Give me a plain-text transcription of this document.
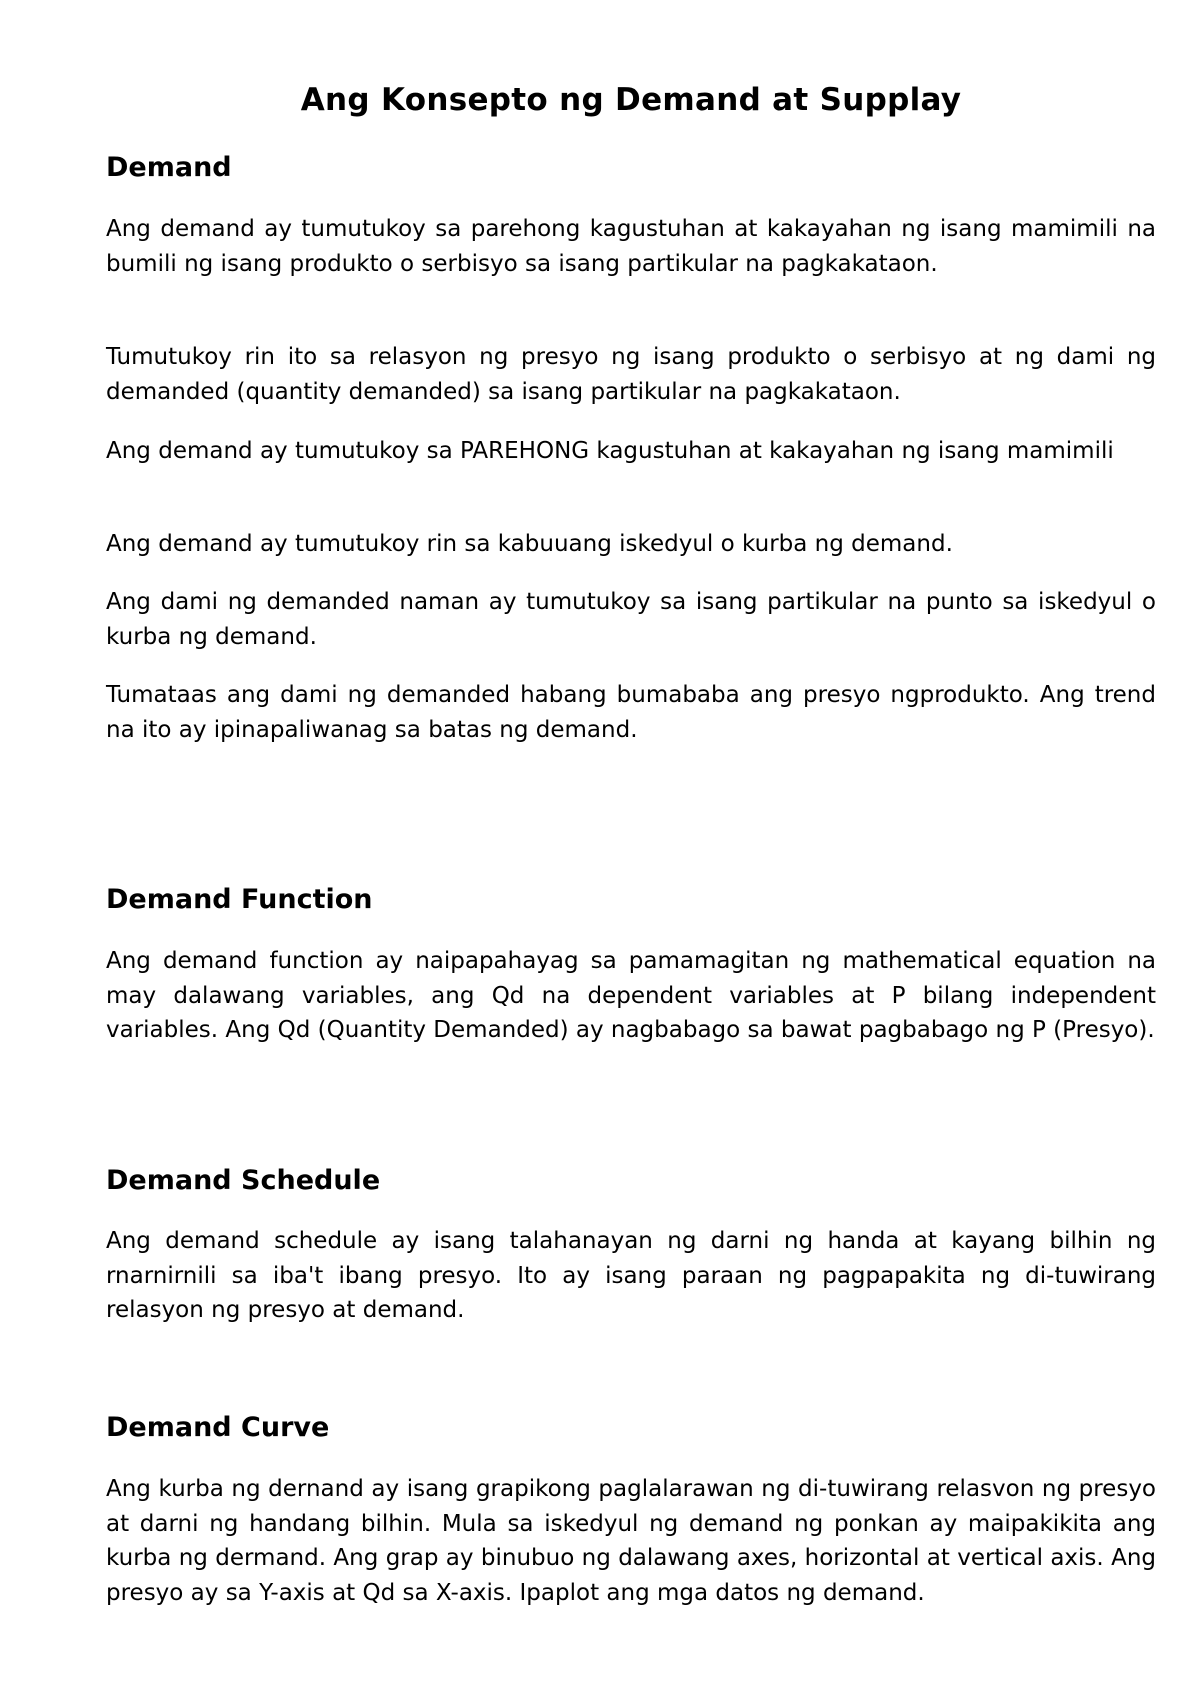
Ang Konsepto ng Demand at Supplay
Demand

Ang demand ay tumutukoy sa parehong kagustuhan at kakayahan ng isang mamimili na bumili ng isang produkto o serbisyo sa isang partikular na pagkakataon.

Tumutukoy rin ito sa relasyon ng presyo ng isang produkto o serbisyo at ng dami ng demanded (quantity demanded) sa isang partikular na pagkakataon.

Ang demand ay tumutukoy sa PAREHONG kagustuhan at kakayahan ng isang mamimili

Ang demand ay tumutukoy rin sa kabuuang iskedyul o kurba ng demand.

Ang dami ng demanded naman ay tumutukoy sa isang partikular na punto sa iskedyul o kurba ng demand.

Tumataas ang dami ng demanded habang bumababa ang presyo ngprodukto. Ang trend na ito ay ipinapaliwanag sa batas ng demand.

Demand Function

Ang demand function ay naipapahayag sa pamamagitan ng mathematical equation na may dalawang variables, ang Qd na dependent variables at P bilang independent variables. Ang Qd (Quantity Demanded) ay nagbabago sa bawat pagbabago ng P (Presyo).

Demand Schedule

Ang demand schedule ay isang talahanayan ng darni ng handa at kayang bilhin ng rnarnirnili sa iba't ibang presyo. Ito ay isang paraan ng pagpapakita ng di-tuwirang relasyon ng presyo at demand.

Demand Curve

Ang kurba ng dernand ay isang grapikong paglalarawan ng di-tuwirang relasvon ng presyo at darni ng handang bilhin. Mula sa iskedyul ng demand ng ponkan ay maipakikita ang kurba ng dermand. Ang grap ay binubuo ng dalawang axes, horizontal at vertical axis. Ang presyo ay sa Y-axis at Qd sa X-axis. Ipaplot ang mga datos ng demand.
